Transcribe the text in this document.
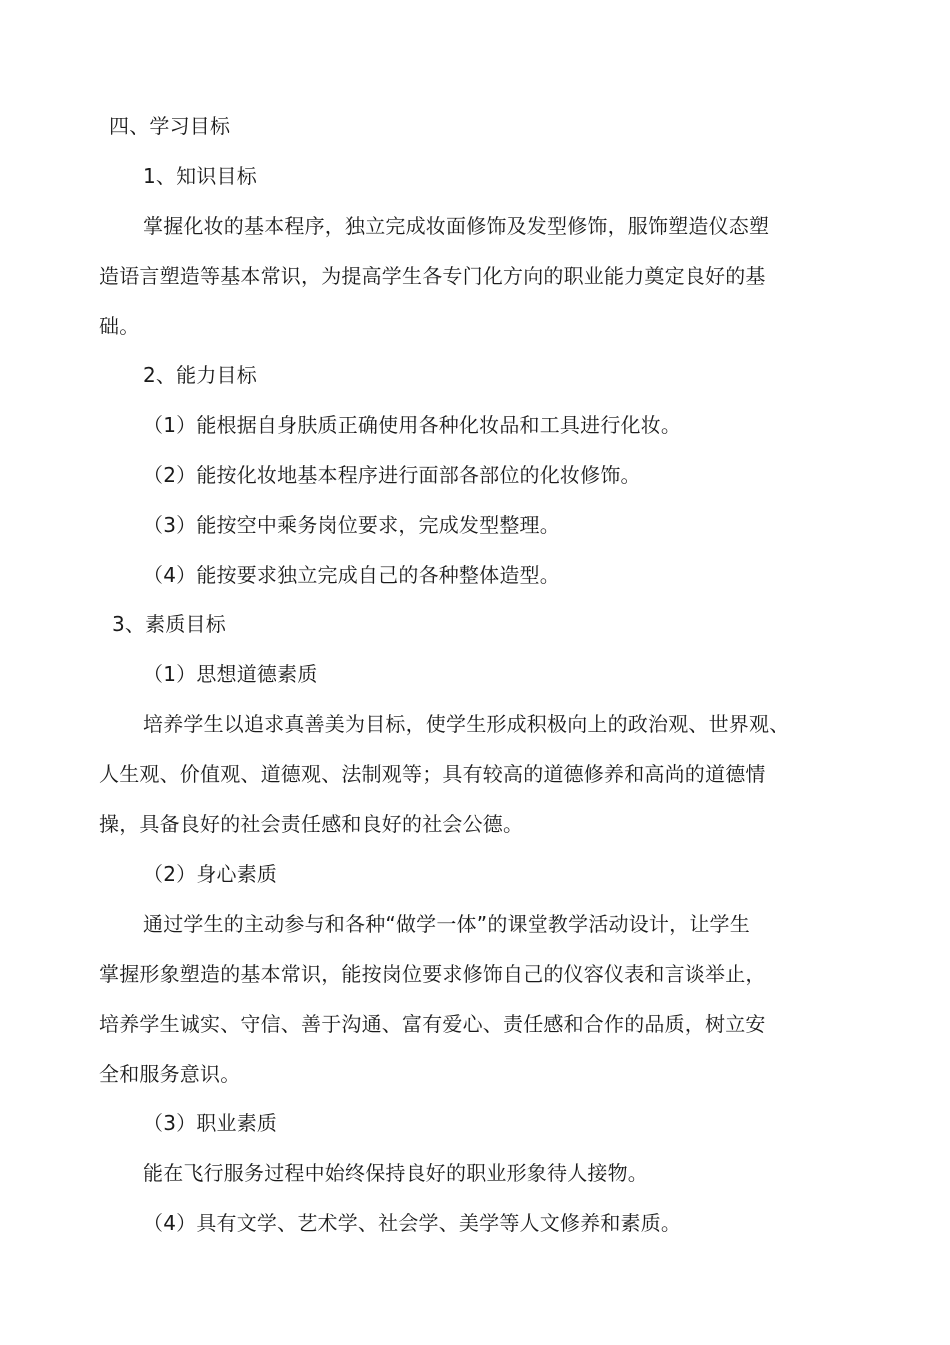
四、学习目标
1、知识目标
掌握化妆的基本程序，独立完成妆面修饰及发型修饰，服饰塑造仪态塑
造语言塑造等基本常识，为提高学生各专门化方向的职业能力奠定良好的基
础。
2、能力目标
（1）能根据自身肤质正确使用各种化妆品和工具进行化妆。
（2）能按化妆地基本程序进行面部各部位的化妆修饰。
（3）能按空中乘务岗位要求，完成发型整理。
（4）能按要求独立完成自己的各种整体造型。
3、素质目标
（1）思想道德素质
培养学生以追求真善美为目标，使学生形成积极向上的政治观、世界观、
人生观、价值观、道德观、法制观等；具有较高的道德修养和高尚的道德情
操，具备良好的社会责任感和良好的社会公德。
（2）身心素质
通过学生的主动参与和各种“做学一体”的课堂教学活动设计，让学生
掌握形象塑造的基本常识，能按岗位要求修饰自己的仪容仪表和言谈举止，
培养学生诚实、守信、善于沟通、富有爱心、责任感和合作的品质，树立安
全和服务意识。
（3）职业素质
能在飞行服务过程中始终保持良好的职业形象待人接物。
（4）具有文学、艺术学、社会学、美学等人文修养和素质。
